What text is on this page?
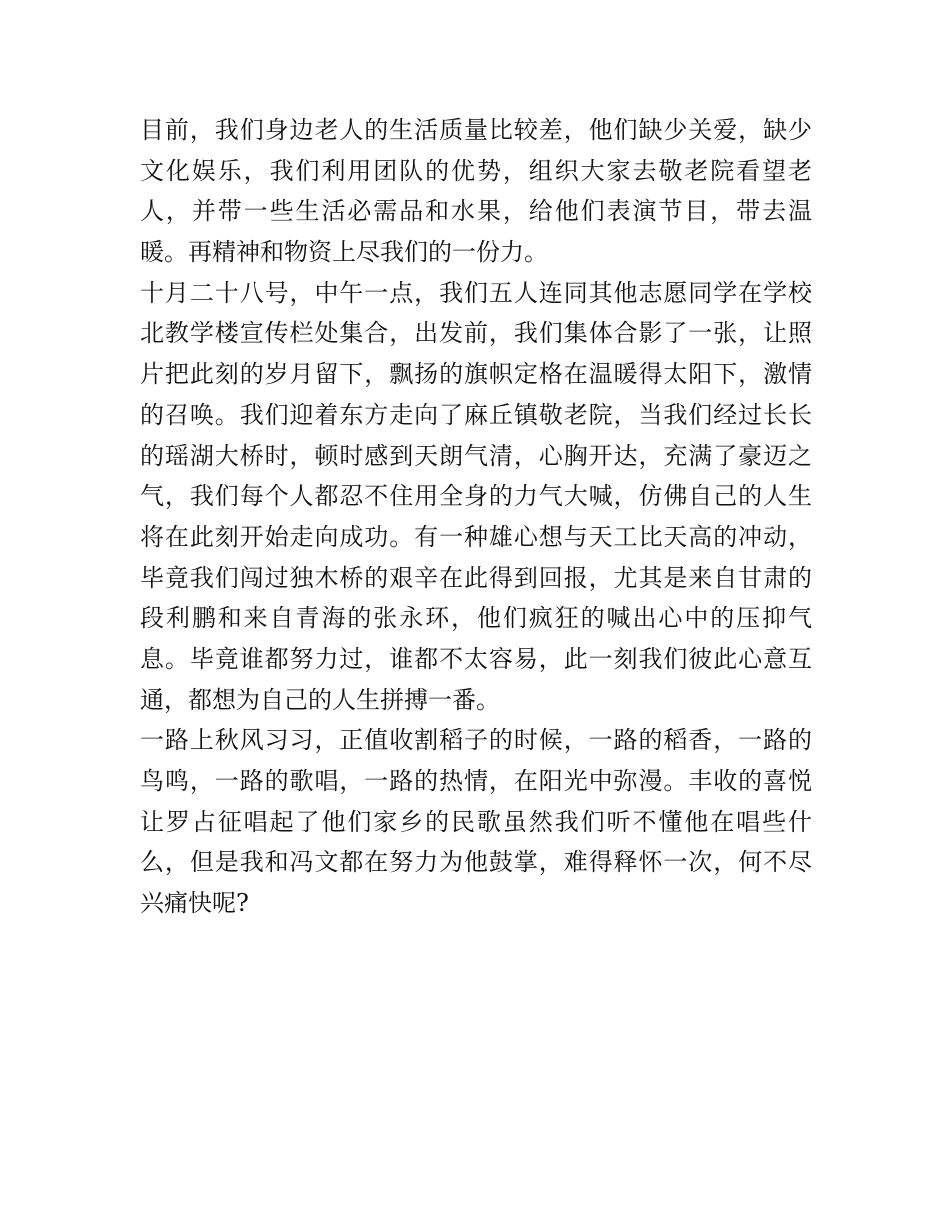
目前，我们身边老人的生活质量比较差，他们缺少关爱，缺少
文化娱乐，我们利用团队的优势，组织大家去敬老院看望老
人，并带一些生活必需品和水果，给他们表演节目，带去温
暖。再精神和物资上尽我们的一份力。
十月二十八号，中午一点，我们五人连同其他志愿同学在学校
北教学楼宣传栏处集合，出发前，我们集体合影了一张，让照
片把此刻的岁月留下，飘扬的旗帜定格在温暖得太阳下，激情
的召唤。我们迎着东方走向了麻丘镇敬老院，当我们经过长长
的瑶湖大桥时，顿时感到天朗气清，心胸开达，充满了豪迈之
气，我们每个人都忍不住用全身的力气大喊，仿佛自己的人生
将在此刻开始走向成功。有一种雄心想与天工比天高的冲动，
毕竟我们闯过独木桥的艰辛在此得到回报，尤其是来自甘肃的
段利鹏和来自青海的张永环，他们疯狂的喊出心中的压抑气
息。毕竟谁都努力过，谁都不太容易，此一刻我们彼此心意互
通，都想为自己的人生拼搏一番。
一路上秋风习习，正值收割稻子的时候，一路的稻香，一路的
鸟鸣，一路的歌唱，一路的热情，在阳光中弥漫。丰收的喜悦
让罗占征唱起了他们家乡的民歌虽然我们听不懂他在唱些什
么，但是我和冯文都在努力为他鼓掌，难得释怀一次，何不尽
兴痛快呢?
